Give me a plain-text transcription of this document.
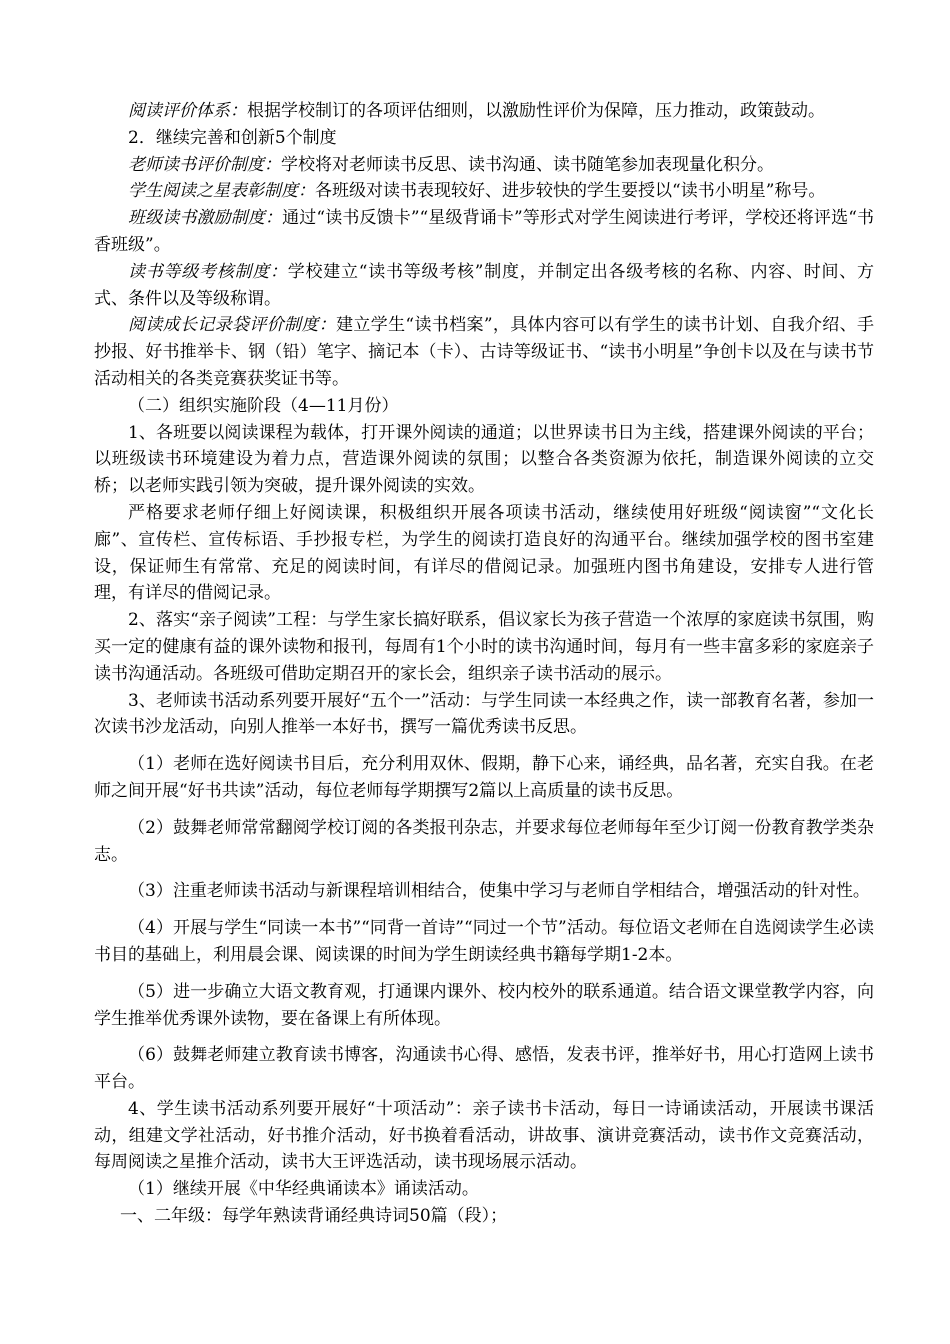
阅读评价体系：根据学校制订的各项评估细则，以激励性评价为保障，压力推动，政策鼓动。

2．继续完善和创新5个制度

老师读书评价制度：学校将对老师读书反思、读书沟通、读书随笔参加表现量化积分。

学生阅读之星表彰制度：各班级对读书表现较好、进步较快的学生要授以“读书小明星”称号。

班级读书激励制度：通过“读书反馈卡”“星级背诵卡”等形式对学生阅读进行考评，学校还将评选“书香班级”。

读书等级考核制度：学校建立“读书等级考核”制度，并制定出各级考核的名称、内容、时间、方式、条件以及等级称谓。

阅读成长记录袋评价制度：建立学生“读书档案”，具体内容可以有学生的读书计划、自我介绍、手抄报、好书推举卡、钢（铅）笔字、摘记本（卡）、古诗等级证书、“读书小明星”争创卡以及在与读书节活动相关的各类竞赛获奖证书等。

（二）组织实施阶段（4—11月份）

1、各班要以阅读课程为载体，打开课外阅读的通道；以世界读书日为主线，搭建课外阅读的平台；以班级读书环境建设为着力点，营造课外阅读的氛围；以整合各类资源为依托，制造课外阅读的立交桥；以老师实践引领为突破，提升课外阅读的实效。

严格要求老师仔细上好阅读课，积极组织开展各项读书活动，继续使用好班级“阅读窗”“文化长廊”、宣传栏、宣传标语、手抄报专栏，为学生的阅读打造良好的沟通平台。继续加强学校的图书室建设，保证师生有常常、充足的阅读时间，有详尽的借阅记录。加强班内图书角建设，安排专人进行管理，有详尽的借阅记录。

2、落实“亲子阅读”工程：与学生家长搞好联系，倡议家长为孩子营造一个浓厚的家庭读书氛围，购买一定的健康有益的课外读物和报刊，每周有1个小时的读书沟通时间，每月有一些丰富多彩的家庭亲子读书沟通活动。各班级可借助定期召开的家长会，组织亲子读书活动的展示。

3、老师读书活动系列要开展好“五个一”活动：与学生同读一本经典之作，读一部教育名著，参加一次读书沙龙活动，向别人推举一本好书，撰写一篇优秀读书反思。

（1）老师在选好阅读书目后，充分利用双休、假期，静下心来，诵经典，品名著，充实自我。在老师之间开展“好书共读”活动，每位老师每学期撰写2篇以上高质量的读书反思。

（2）鼓舞老师常常翻阅学校订阅的各类报刊杂志，并要求每位老师每年至少订阅一份教育教学类杂志。

（3）注重老师读书活动与新课程培训相结合，使集中学习与老师自学相结合，增强活动的针对性。

（4）开展与学生“同读一本书”“同背一首诗”“同过一个节”活动。每位语文老师在自选阅读学生必读书目的基础上，利用晨会课、阅读课的时间为学生朗读经典书籍每学期1-2本。

（5）进一步确立大语文教育观，打通课内课外、校内校外的联系通道。结合语文课堂教学内容，向学生推举优秀课外读物，要在备课上有所体现。

（6）鼓舞老师建立教育读书博客，沟通读书心得、感悟，发表书评，推举好书，用心打造网上读书平台。

4、学生读书活动系列要开展好“十项活动”：亲子读书卡活动，每日一诗诵读活动，开展读书课活动，组建文学社活动，好书推介活动，好书换着看活动，讲故事、演讲竞赛活动，读书作文竞赛活动，每周阅读之星推介活动，读书大王评选活动，读书现场展示活动。

（1）继续开展《中华经典诵读本》诵读活动。

一、二年级：每学年熟读背诵经典诗词50篇（段）；
